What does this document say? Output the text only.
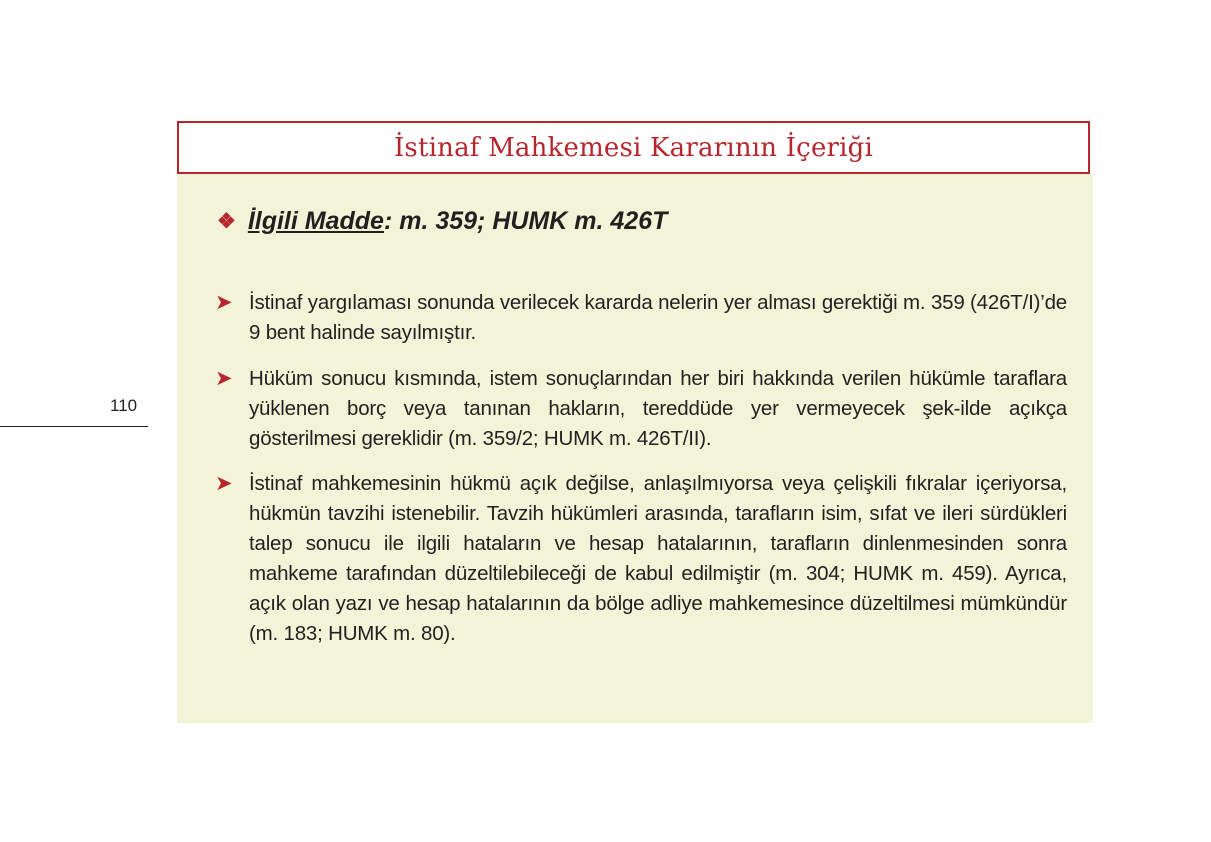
110
İstinaf Mahkemesi Kararının İçeriği
❖ İlgili Madde : m. 359; HUMK m. 426T
➤ İstinaf yargılaması sonunda verilecek kararda nelerin yer alması gerektiği m. 359 (426T/I)’de 9 bent halinde sayılmıştır.
➤ Hüküm sonucu kısmında, istem sonuçlarından her biri hakkında verilen hükümle taraflara yüklenen borç veya tanınan hakların, tereddüde yer vermeyecek şek-ilde açıkça gösterilmesi gereklidir (m. 359/2; HUMK m. 426T/II).
➤ İstinaf mahkemesinin hükmü açık değilse, anlaşılmıyorsa veya çelişkili fıkralar içeriyorsa, hükmün tavzihi istenebilir. Tavzih hükümleri arasında, tarafların isim, sıfat ve ileri sürdükleri talep sonucu ile ilgili hataların ve hesap hatalarının, tarafların dinlenmesinden sonra mahkeme tarafından düzeltilebileceği de kabul edilmiştir (m. 304; HUMK m. 459). Ayrıca, açık olan yazı ve hesap hatalarının da bölge adliye mahkemesince düzeltilmesi mümkündür (m. 183; HUMK m. 80).
